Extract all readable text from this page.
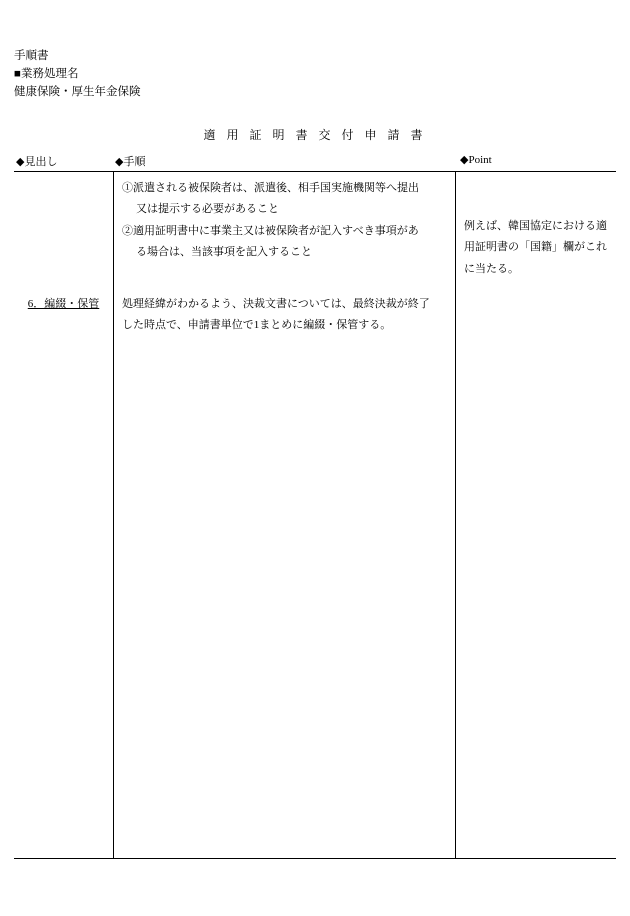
手順書
■業務処理名
健康保険・厚生年金保険
適 用 証 明 書 交 付 申 請 書
◆見出し	◆手順	◆Point
6．編綴・保管
①派遣される被保険者は、派遣後、相手国実施機関等へ提出
又は提示する必要があること
②適用証明書中に事業主又は被保険者が記入すべき事項があ
る場合は、当該事項を記入すること

処理経緯がわかるよう、決裁文書については、最終決裁が終了
した時点で、申請書単位で1まとめに編綴・保管する。

例えば、韓国協定における適
用証明書の「国籍」欄がこれ
に当たる。
